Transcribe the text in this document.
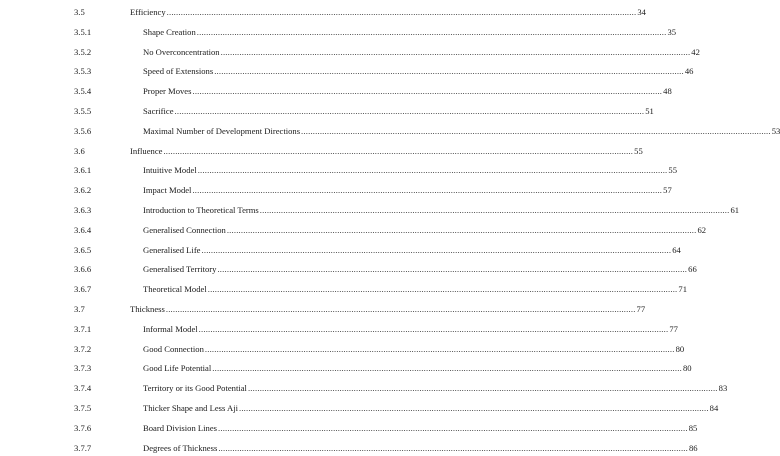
3.5	Efficiency ........................................................................................................................................................................................................ 34
3.5.1	Shape Creation ........................................................................................................................................................................................................ 35
3.5.2	No Overconcentration ........................................................................................................................................................................................................ 42
3.5.3	Speed of Extensions ........................................................................................................................................................................................................ 46
3.5.4	Proper Moves ........................................................................................................................................................................................................ 48
3.5.5	Sacrifice ........................................................................................................................................................................................................ 51
3.5.6	Maximal Number of Development Directions ........................................................................................................................................................................................................ 53
3.6	Influence ........................................................................................................................................................................................................ 55
3.6.1	Intuitive Model ........................................................................................................................................................................................................ 55
3.6.2	Impact Model ........................................................................................................................................................................................................ 57
3.6.3	Introduction to Theoretical Terms ........................................................................................................................................................................................................ 61
3.6.4	Generalised Connection ........................................................................................................................................................................................................ 62
3.6.5	Generalised Life ........................................................................................................................................................................................................ 64
3.6.6	Generalised Territory ........................................................................................................................................................................................................ 66
3.6.7	Theoretical Model ........................................................................................................................................................................................................ 71
3.7	Thickness ........................................................................................................................................................................................................ 77
3.7.1	Informal Model ........................................................................................................................................................................................................ 77
3.7.2	Good Connection ........................................................................................................................................................................................................ 80
3.7.3	Good Life Potential ........................................................................................................................................................................................................ 80
3.7.4	Territory or its Good Potential ........................................................................................................................................................................................................ 83
3.7.5	Thicker Shape and Less Aji ........................................................................................................................................................................................................ 84
3.7.6	Board Division Lines ........................................................................................................................................................................................................ 85
3.7.7	Degrees of Thickness ........................................................................................................................................................................................................ 86
